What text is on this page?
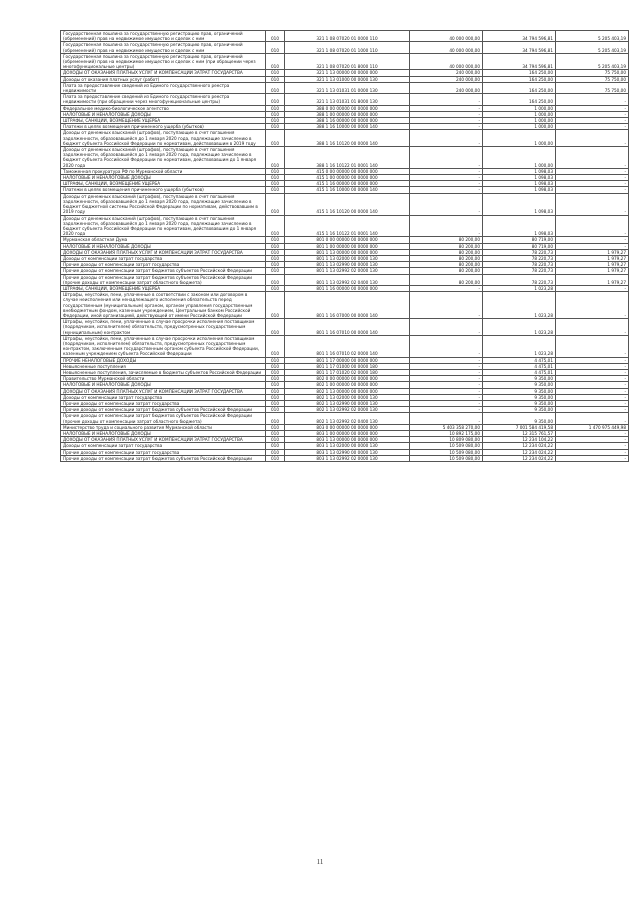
Государственная пошлина за государственную регистрацию прав, ограничений (обременений) прав на недвижимое имущество и сделок с ним	010	321 1 08 07020 01 0000 110	40 000 000,00	34 794 596,81	5 205 403,19
Государственная пошлина за государственную регистрацию прав, ограничений (обременений) прав на недвижимое имущество и сделок с ним	010	321 1 08 07020 01 1000 110	40 000 000,00	34 794 596,81	5 205 403,19
Государственная пошлина за государственную регистрацию прав, ограничений (обременений) прав на недвижимое имущество и сделок с ним (при обращении через многофункциональные центры)	010	321 1 08 07020 01 8000 110	40 000 000,00	34 794 596,81	5 205 403,19
ДОХОДЫ ОТ ОКАЗАНИЯ ПЛАТНЫХ УСЛУГ И КОМПЕНСАЦИИ ЗАТРАТ ГОСУДАРСТВА	010	321 1 13 00000 00 0000 000	240 000,00	164 250,00	75 750,00
Доходы от оказания платных услуг (работ)	010	321 1 13 01000 00 0000 130	240 000,00	164 250,00	75 750,00
Плата за предоставление сведений из Единого государственного реестра недвижимости	010	321 1 13 01031 01 0000 130	240 000,00	164 250,00	75 750,00
Плата за предоставление сведений из Единого государственного реестра недвижимости (при обращении через многофункциональные центры)	010	321 1 13 01031 01 8000 130	-	164 250,00	-
Федеральное медико-биологическое агентство	010	388 0 00 00000 00 0000 000	-	1 000,00	-
НАЛОГОВЫЕ И НЕНАЛОГОВЫЕ ДОХОДЫ	010	388 1 00 00000 00 0000 000	-	1 000,00	-
ШТРАФЫ, САНКЦИИ, ВОЗМЕЩЕНИЕ УЩЕРБА	010	388 1 16 00000 00 0000 000	-	1 000,00	-
Платежи в целях возмещения причиненного ущерба (убытков)	010	388 1 16 10000 00 0000 140	-	1 000,00	-
Доходы от денежных взысканий (штрафов), поступающие в счет погашения задолженности, образовавшейся до 1 января 2020 года, подлежащие зачислению в бюджет субъекта Российской Федерации по нормативам, действовавшим в 2019 году	010	388 1 16 10120 00 0000 140	-	1 000,00	-
Доходы от денежных взысканий (штрафов), поступающие в счет погашения задолженности, образовавшейся до 1 января 2020 года, подлежащие зачислению в бюджет субъекта Российской Федерации по нормативам, действовавшим до 1 января 2020 года	010	388 1 16 10122 01 0001 140	-	1 000,00	-
Таможенная прокуратура РФ по Мурманской области	010	415 0 00 00000 00 0000 000	-	1 098,03	-
НАЛОГОВЫЕ И НЕНАЛОГОВЫЕ ДОХОДЫ	010	415 1 00 00000 00 0000 000	-	1 098,03	-
ШТРАФЫ, САНКЦИИ, ВОЗМЕЩЕНИЕ УЩЕРБА	010	415 1 16 00000 00 0000 000	-	1 098,03	-
Платежи в целях возмещения причиненного ущерба (убытков)	010	415 1 16 10000 00 0000 140	-	1 098,03	-
Доходы от денежных взысканий (штрафов), поступающие в счет погашения задолженности, образовавшейся до 1 января 2020 года, подлежащие зачислению в бюджет бюджетной системы Российской Федерации по нормативам, действовавшим в 2019 году	010	415 1 16 10120 00 0000 140	-	1 098,03	-
Доходы от денежных взысканий (штрафов), поступающие в счет погашения задолженности, образовавшейся до 1 января 2020 года, подлежащие зачислению в бюджет субъекта Российской Федерации по нормативам, действовавшим до 1 января 2020 года	010	415 1 16 10122 01 0001 140	-	1 098,03	-
Мурманская областная Дума	010	801 0 00 00000 00 0000 000	80 200,00	80 719,00	-
НАЛОГОВЫЕ И НЕНАЛОГОВЫЕ ДОХОДЫ	010	801 1 00 00000 00 0000 000	80 200,00	80 719,00	-
ДОХОДЫ ОТ ОКАЗАНИЯ ПЛАТНЫХ УСЛУГ И КОМПЕНСАЦИИ ЗАТРАТ ГОСУДАРСТВА	010	801 1 13 00000 00 0000 000	80 200,00	78 220,73	1 979,27
Доходы от компенсации затрат государства	010	801 1 13 02000 00 0000 130	80 200,00	78 220,73	1 979,27
Прочие доходы от компенсации затрат государства	010	801 1 13 02990 00 0000 130	80 200,00	78 220,73	1 979,27
Прочие доходы от компенсации затрат бюджетов субъектов Российской Федерации	010	801 1 13 02992 02 0000 130	80 200,00	78 220,73	1 979,27
Прочие доходы от компенсации затрат бюджетов субъектов Российской Федерации (прочие доходы от компенсации затрат областного бюджета)	010	801 1 13 02992 02 0400 130	80 200,00	78 220,73	1 979,27
ШТРАФЫ, САНКЦИИ, ВОЗМЕЩЕНИЕ УЩЕРБА	010	801 1 16 00000 00 0000 000	-	1 023,28	-
Штрафы, неустойки, пени, уплаченные в соответствии с законом или договором в случае неисполнения или ненадлежащего исполнения обязательств перед государственным (муниципальным) органом, органом управления государственным внебюджетным фондом, казенным учреждением, Центральным банком Российской Федерации, иной организацией, действующей от имени Российской Федерации	010	801 1 16 07000 00 0000 140	-	1 023,28	-
Штрафы, неустойки, пени, уплаченные в случае просрочки исполнения поставщиком (подрядчиком, исполнителем) обязательств, предусмотренных государственным (муниципальным) контрактом	010	801 1 16 07010 00 0000 140	-	1 023,28	-
Штрафы, неустойки, пени, уплаченные в случае просрочки исполнения поставщиком (подрядчиком, исполнителем) обязательств, предусмотренных государственным контрактом, заключенным государственным органом субъекта Российской Федерации, казенным учреждением субъекта Российской Федерации	010	801 1 16 07010 02 0000 140	-	1 023,28	-
ПРОЧИЕ НЕНАЛОГОВЫЕ ДОХОДЫ	010	801 1 17 00000 00 0000 000	-	4 475,01	-
Невыясненные поступления	010	801 1 17 01000 00 0000 180	-	4 475,01	-
Невыясненные поступления, зачисляемые в бюджеты субъектов Российской Федерации	010	801 1 17 01020 02 0000 180	-	4 475,01	-
Правительство Мурманской области	010	802 0 00 00000 00 0000 000	-	9 350,00	-
НАЛОГОВЫЕ И НЕНАЛОГОВЫЕ ДОХОДЫ	010	802 1 00 00000 00 0000 000	-	9 350,00	-
ДОХОДЫ ОТ ОКАЗАНИЯ ПЛАТНЫХ УСЛУГ И КОМПЕНСАЦИИ ЗАТРАТ ГОСУДАРСТВА	010	802 1 13 00000 00 0000 000	-	9 350,00	-
Доходы от компенсации затрат государства	010	802 1 13 02000 00 0000 130	-	9 350,00	-
Прочие доходы от компенсации затрат государства	010	802 1 13 02990 00 0000 130	-	9 350,00	-
Прочие доходы от компенсации затрат бюджетов субъектов Российской Федерации	010	802 1 13 02992 02 0000 130	-	9 350,00	-
Прочие доходы от компенсации затрат бюджетов субъектов Российской Федерации (прочие доходы от компенсации затрат областного бюджета)	010	802 1 13 02992 02 0400 130	-	9 350,00	-
Министерство труда и социального развития Мурманской области	010	803 0 00 00000 00 0000 000	5 403 358 270,00	7 001 584 419,58	1 470 975 449,98
НАЛОГОВЫЕ И НЕНАЛОГОВЫЕ ДОХОДЫ	010	803 1 00 00000 00 0000 000	10 892 175,00	12 315 761,57	-
ДОХОДЫ ОТ ОКАЗАНИЯ ПЛАТНЫХ УСЛУГ И КОМПЕНСАЦИИ ЗАТРАТ ГОСУДАРСТВА	010	803 1 13 00000 00 0000 000	10 809 080,00	12 234 104,22	-
Доходы от компенсации затрат государства	010	803 1 13 02000 00 0000 130	10 509 080,00	12 234 024,22	-
Прочие доходы от компенсации затрат государства	010	803 1 13 02990 00 0000 130	10 509 080,00	12 234 024,22	-
Прочие доходы от компенсации затрат бюджетов субъектов Российской Федерации	010	803 1 13 02992 02 0000 130	10 509 080,00	12 234 024,22	-
11
